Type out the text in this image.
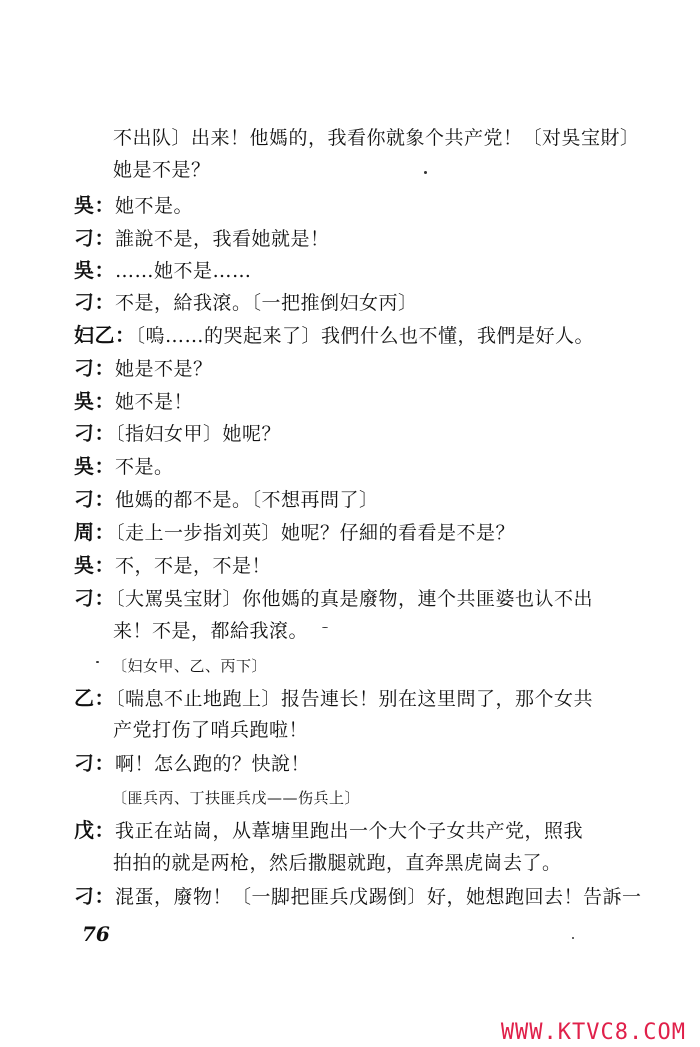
不出队〕出来！他媽的，我看你就象个共产党！〔对吳宝財〕
她是不是？
吳：她不是。
刁：誰說不是，我看她就是！
吳：……她不是……
刁：不是，給我滾。〔一把推倒妇女丙〕
妇乙：〔嗚……的哭起来了〕我們什么也不懂，我們是好人。
刁：她是不是？
吳：她不是！
刁：〔指妇女甲〕她呢？
吳：不是。
刁：他媽的都不是。〔不想再問了〕
周：〔走上一步指刘英〕她呢？仔細的看看是不是？
吳：不，不是，不是！
刁：〔大罵吳宝財〕你他媽的真是廢物，連个共匪婆也认不出
来！不是，都給我滾。
〔妇女甲、乙、丙下〕
乙：〔喘息不止地跑上〕报告連长！别在这里問了，那个女共
产党打伤了哨兵跑啦！
刁：啊！怎么跑的？快說！
〔匪兵丙、丁扶匪兵戊——伤兵上〕
戊：我正在站崗，从葦塘里跑出一个大个子女共产党，照我
拍拍的就是两枪，然后撒腿就跑，直奔黑虎崗去了。
刁：混蛋，廢物！〔一脚把匪兵戊踢倒〕好，她想跑回去！告訴一
76
WWW.KTVC8.COM
